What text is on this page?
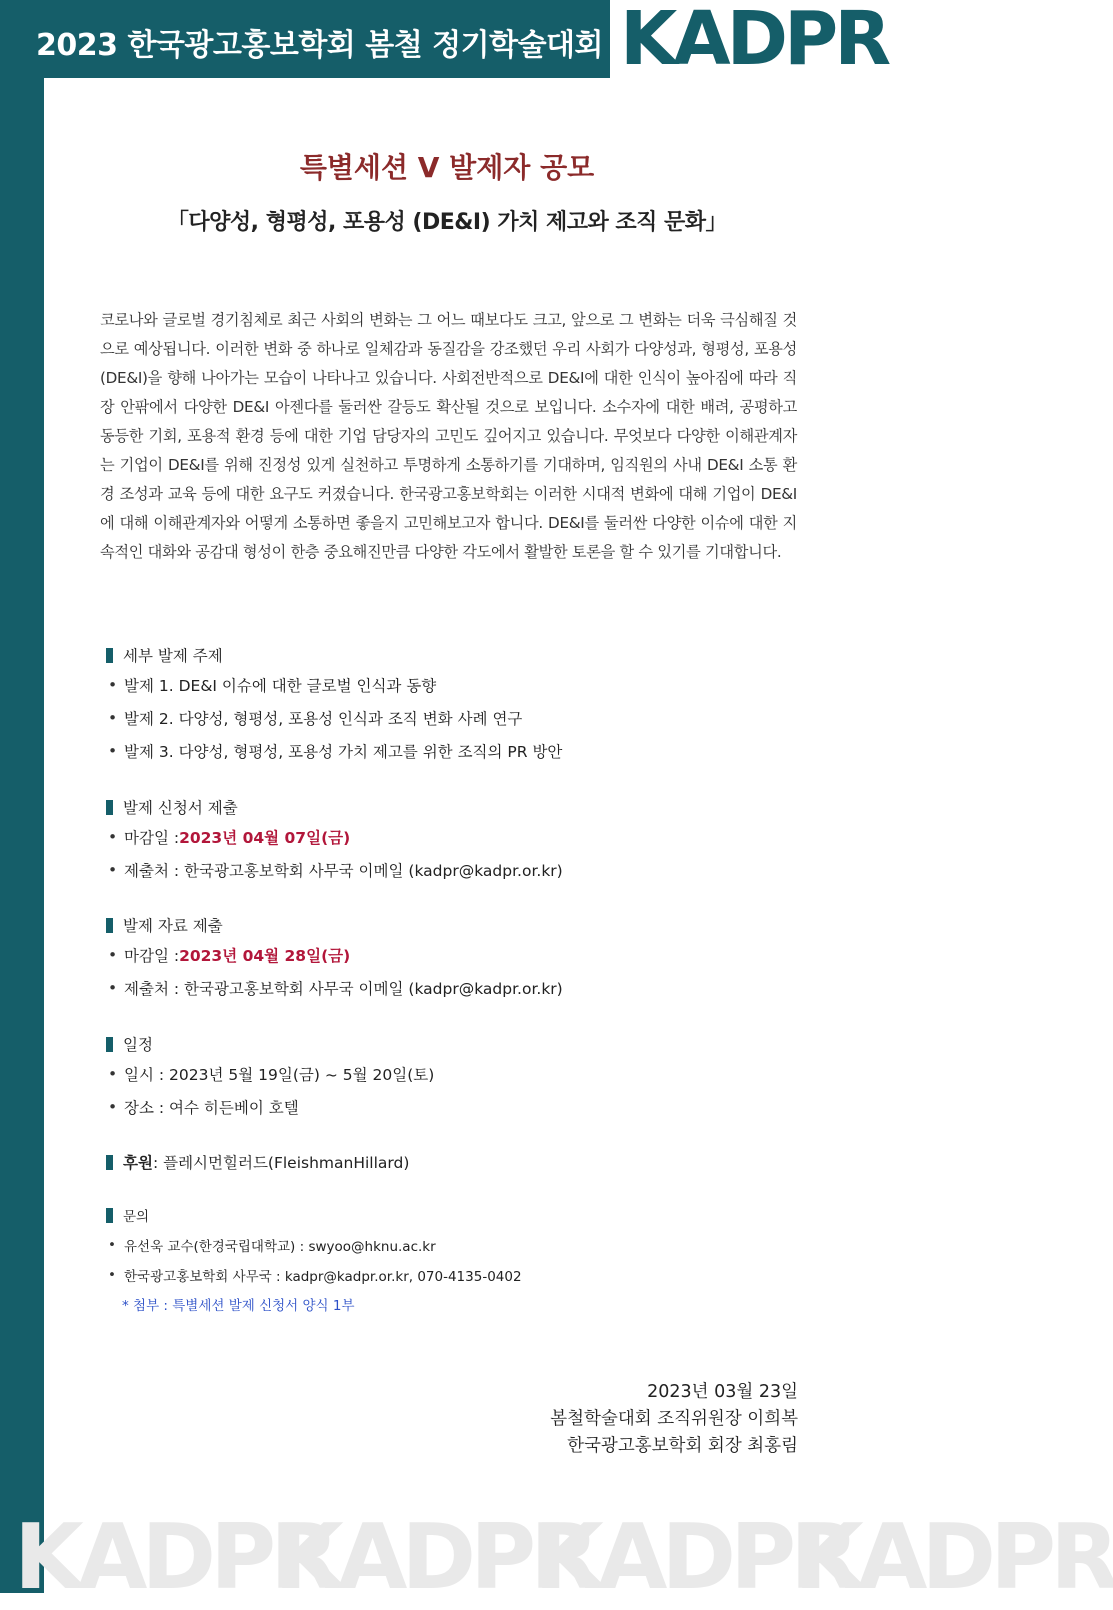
2023 한국광고홍보학회 봄철 정기학술대회 KADPR
특별세션 V 발제자 공모
「다양성, 형평성, 포용성 (DE&I) 가치 제고와 조직 문화」
코로나와 글로벌 경기침체로 최근 사회의 변화는 그 어느 때보다도 크고, 앞으로 그 변화는 더욱 극심해질 것으로 예상됩니다. 이러한 변화 중 하나로 일체감과 동질감을 강조했던 우리 사회가 다양성과, 형평성, 포용성(DE&I)을 향해 나아가는 모습이 나타나고 있습니다. 사회전반적으로 DE&I에 대한 인식이 높아짐에 따라 직장 안팎에서 다양한 DE&I 아젠다를 둘러싼 갈등도 확산될 것으로 보입니다. 소수자에 대한 배려, 공평하고 동등한 기회, 포용적 환경 등에 대한 기업 담당자의 고민도 깊어지고 있습니다. 무엇보다 다양한 이해관계자는 기업이 DE&I를 위해 진정성 있게 실천하고 투명하게 소통하기를 기대하며, 임직원의 사내 DE&I 소통 환경 조성과 교육 등에 대한 요구도 커졌습니다. 한국광고홍보학회는 이러한 시대적 변화에 대해 기업이 DE&I에 대해 이해관계자와 어떻게 소통하면 좋을지 고민해보고자 합니다. DE&I를 둘러싼 다양한 이슈에 대한 지속적인 대화와 공감대 형성이 한층 중요해진만큼 다양한 각도에서 활발한 토론을 할 수 있기를 기대합니다.
세부 발제 주제
• 발제 1. DE&I 이슈에 대한 글로벌 인식과 동향
• 발제 2. 다양성, 형평성, 포용성 인식과 조직 변화 사례 연구
• 발제 3. 다양성, 형평성, 포용성 가치 제고를 위한 조직의 PR 방안
발제 신청서 제출
• 마감일 : 2023년 04월 07일(금)
• 제출처 : 한국광고홍보학회 사무국 이메일 (kadpr@kadpr.or.kr)
발제 자료 제출
• 마감일 : 2023년 04월 28일(금)
• 제출처 : 한국광고홍보학회 사무국 이메일 (kadpr@kadpr.or.kr)
일정
• 일시 : 2023년 5월 19일(금) ~ 5월 20일(토)
• 장소 : 여수 히든베이 호텔
후원 : 플레시먼힐러드(FleishmanHillard)
문의
• 유선욱 교수(한경국립대학교) : swyoo@hknu.ac.kr
• 한국광고홍보학회 사무국 : kadpr@kadpr.or.kr, 070-4135-0402
* 첨부 : 특별세션 발제 신청서 양식 1부
2023년 03월 23일
봄철학술대회 조직위원장 이희복
한국광고홍보학회 회장 최홍림
KADPR
KADPR
KADPR
KADPR
